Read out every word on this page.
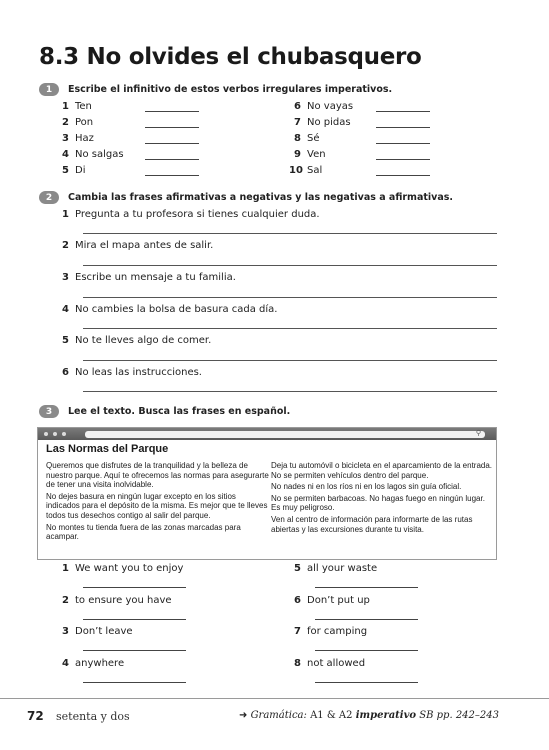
8.3 No olvides el chubasquero
1	Escribe el infinitivo de estos verbos irregulares imperativos.
1 Ten
2 Pon
3 Haz
4 No salgas
5 Di
6 No vayas
7 No pidas
8 Sé
9 Ven
10 Sal
2	Cambia las frases afirmativas a negativas y las negativas a afirmativas.
1 Pregunta a tu profesora si tienes cualquier duda.
2 Mira el mapa antes de salir.
3 Escribe un mensaje a tu familia.
4 No cambies la bolsa de basura cada día.
5 No te lleves algo de comer.
6 No leas las instrucciones.
3	Lee el texto. Busca las frases en español.
⚲
Las Normas del Parque

Queremos que disfrutes de la tranquilidad y la belleza de nuestro parque. Aquí te ofrecemos las normas para asegurarte de tener una visita inolvidable.

No dejes basura en ningún lugar excepto en los sitios indicados para el depósito de la misma. Es mejor que te lleves todos tus desechos contigo al salir del parque.

No montes tu tienda fuera de las zonas marcadas para acampar.

Deja tu automóvil o bicicleta en el aparcamiento de la entrada. No se permiten vehículos dentro del parque.

No nades ni en los ríos ni en los lagos sin guía oficial.

No se permiten barbacoas. No hagas fuego en ningún lugar. Es muy peligroso.

Ven al centro de información para informarte de las rutas abiertas y las excursiones durante tu visita.

1 We want you to enjoy
2 to ensure you have
3 Don’t leave
4 anywhere
5 all your waste
6 Don’t put up
7 for camping
8 not allowed
72 setenta y dos	➜ Gramática: A1 & A2 imperativo SB pp. 242–243
